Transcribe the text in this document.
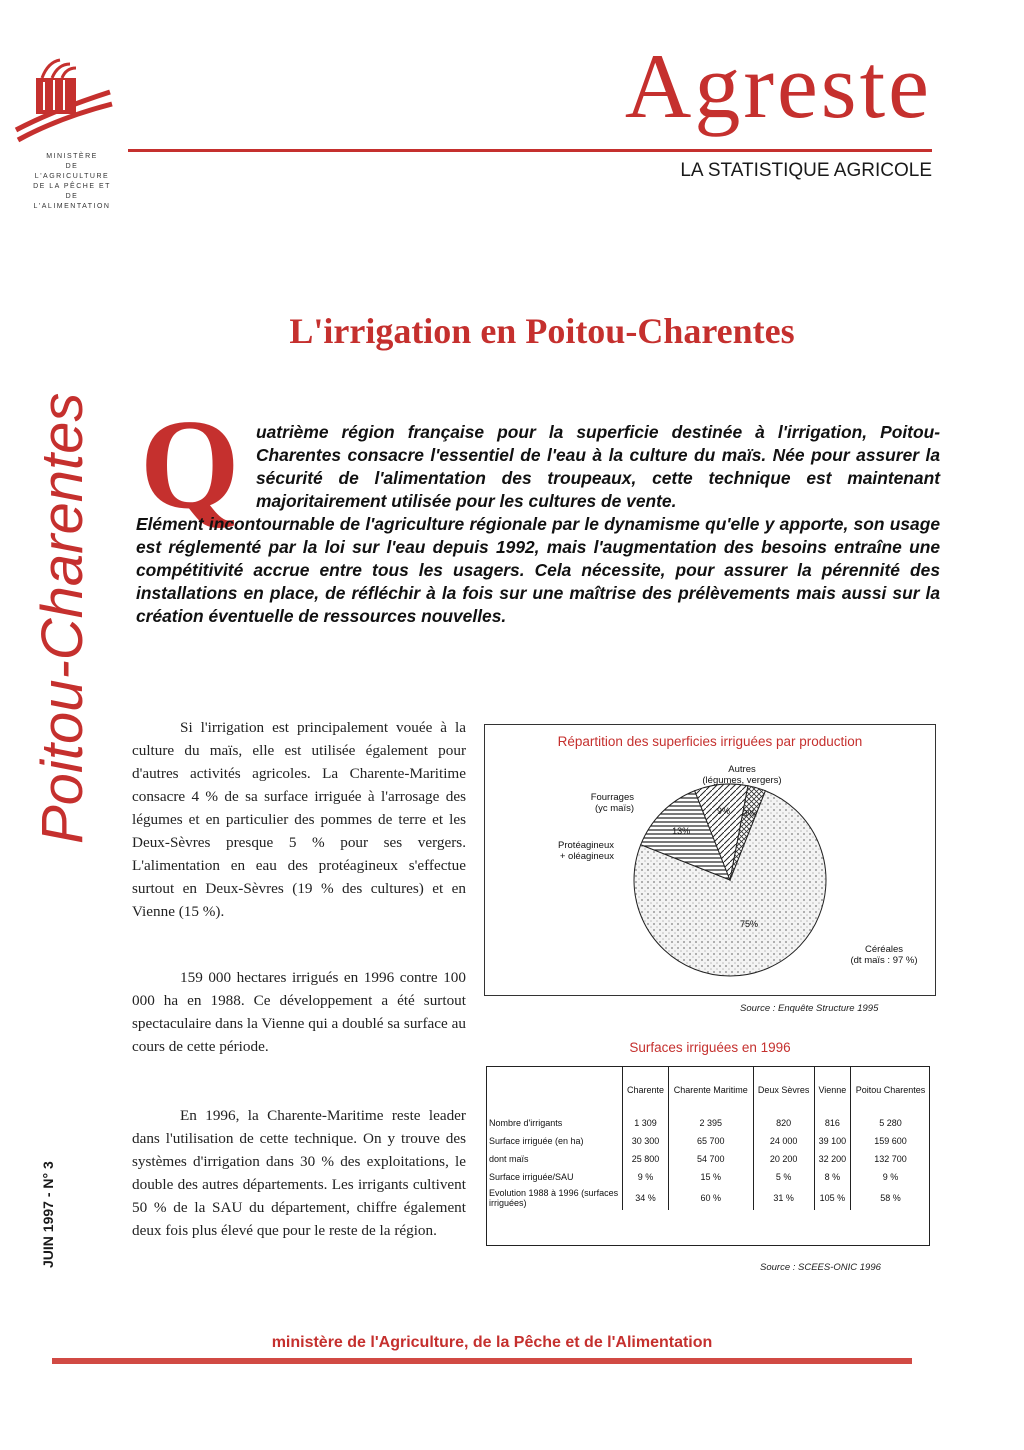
MINISTÈRE
DE L'AGRICULTURE
DE LA PÊCHE ET DE
L'ALIMENTATION
Agreste
LA STATISTIQUE AGRICOLE
Poitou-Charentes
JUIN 1997 - N° 3
L'irrigation en Poitou-Charentes
Q uatrième région française pour la superficie destinée à l'irrigation, Poitou-Charentes consacre l'essentiel de l'eau à la culture du maïs. Née pour assurer la sécurité de l'alimentation des troupeaux, cette technique est maintenant majoritairement utilisée pour les cultures de vente.
Elément incontournable de l'agriculture régionale par le dynamisme qu'elle y apporte, son usage est réglementé par la loi sur l'eau depuis 1992, mais l'augmentation des besoins entraîne une compétitivité accrue entre tous les usagers. Cela nécessite, pour assurer la pérennité des installations en place, de réfléchir à la fois sur une maîtrise des prélèvements mais aussi sur la création éventuelle de ressources nouvelles.

Si l'irrigation est principalement vouée à la culture du maïs, elle est utilisée également pour d'autres activités agricoles. La Charente-Maritime consacre 4 % de sa surface irriguée à l'arrosage des légumes et en particulier des pommes de terre et les Deux-Sèvres presque 5 % pour ses vergers. L'alimentation en eau des protéagineux s'effectue surtout en Deux-Sèvres (19 % des cultures) et en Vienne (15 %).

159 000 hectares irrigués en 1996 contre 100 000 ha en 1988. Ce développement a été surtout spectaculaire dans la Vienne qui a doublé sa surface au cours de cette période.

En 1996, la Charente-Maritime reste leader dans l'utilisation de cette technique. On y trouve des systèmes d'irrigation dans 30 % des exploitations, le double des autres départements. Les irrigants cultivent 50 % de la SAU du département, chiffre également deux fois plus élevé que pour le reste de la région.

Répartition des superficies irriguées par production
75%
Céréales (dt maïs : 97 %)
13%
Protéagineux + oléagineux
9%
Fourrages (yc maïs)	3%
Autres (légumes, vergers)
Source : Enquête Structure 1995
Surfaces irriguées en 1996
	Charente	Charente Maritime	Deux Sèvres	Vienne	Poitou Charentes
Nombre d'irrigants	1 309	2 395	820	816	5 280
Surface irriguée (en ha)	30 300	65 700	24 000	39 100	159 600
dont maïs	25 800	54 700	20 200	32 200	132 700
Surface irriguée/SAU	9 %	15 %	5 %	8 %	9 %
Evolution 1988 à 1996 (surfaces irriguées)	34 %	60 %	31 %	105 %	58 %
Source : SCEES-ONIC 1996
ministère de l'Agriculture, de la Pêche et de l'Alimentation
